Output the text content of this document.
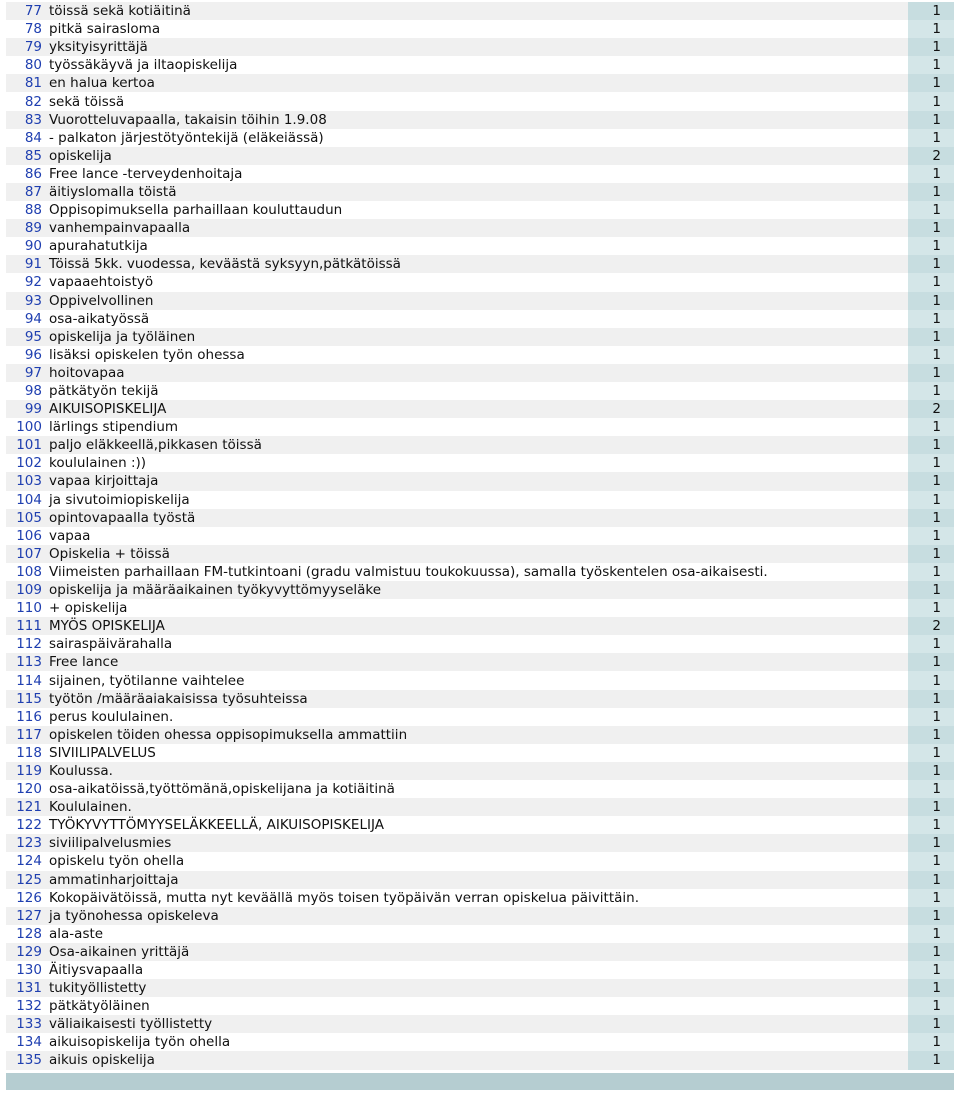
77 töissä sekä kotiäitinä	1
78 pitkä sairasloma	1
79 yksityisyrittäjä	1
80 työssäkäyvä ja iltaopiskelija	1
81 en halua kertoa	1
82 sekä töissä	1
83 Vuorotteluvapaalla, takaisin töihin 1.9.08	1
84 - palkaton järjestötyöntekijä (eläkeiässä)	1
85 opiskelija	2
86 Free lance -terveydenhoitaja	1
87 äitiyslomalla töistä	1
88 Oppisopimuksella parhaillaan kouluttaudun	1
89 vanhempainvapaalla	1
90 apurahatutkija	1
91 Töissä 5kk. vuodessa, keväästä syksyyn,pätkätöissä	1
92 vapaaehtoistyö	1
93 Oppivelvollinen	1
94 osa-aikatyössä	1
95 opiskelija ja työläinen	1
96 lisäksi opiskelen työn ohessa	1
97 hoitovapaa	1
98 pätkätyön tekijä	1
99 AIKUISOPISKELIJA	2
100 lärlings stipendium	1
101 paljo eläkkeellä,pikkasen töissä	1
102 koululainen :))	1
103 vapaa kirjoittaja	1
104 ja sivutoimiopiskelija	1
105 opintovapaalla työstä	1
106 vapaa	1
107 Opiskelia + töissä	1
108 Viimeisten parhaillaan FM-tutkintoani (gradu valmistuu toukokuussa), samalla työskentelen osa-aikaisesti.	1
109 opiskelija ja määräaikainen työkyvyttömyyseläke	1
110 + opiskelija	1
111 MYÖS OPISKELIJA	2
112 sairaspäivärahalla	1
113 Free lance	1
114 sijainen, työtilanne vaihtelee	1
115 työtön /määräaiakaisissa työsuhteissa	1
116 perus koululainen.	1
117 opiskelen töiden ohessa oppisopimuksella ammattiin	1
118 SIVIILIPALVELUS	1
119 Koulussa.	1
120 osa-aikatöissä,työttömänä,opiskelijana ja kotiäitinä	1
121 Koululainen.	1
122 TYÖKYVYTTÖMYYSELÄKKEELLÄ, AIKUISOPISKELIJA	1
123 siviilipalvelusmies	1
124 opiskelu työn ohella	1
125 ammatinharjoittaja	1
126 Kokopäivätöissä, mutta nyt keväällä myös toisen työpäivän verran opiskelua päivittäin.	1
127 ja työnohessa opiskeleva	1
128 ala-aste	1
129 Osa-aikainen yrittäjä	1
130 Äitiysvapaalla	1
131 tukityöllistetty	1
132 pätkätyöläinen	1
133 väliaikaisesti työllistetty	1
134 aikuisopiskelija työn ohella	1
135 aikuis opiskelija	1
